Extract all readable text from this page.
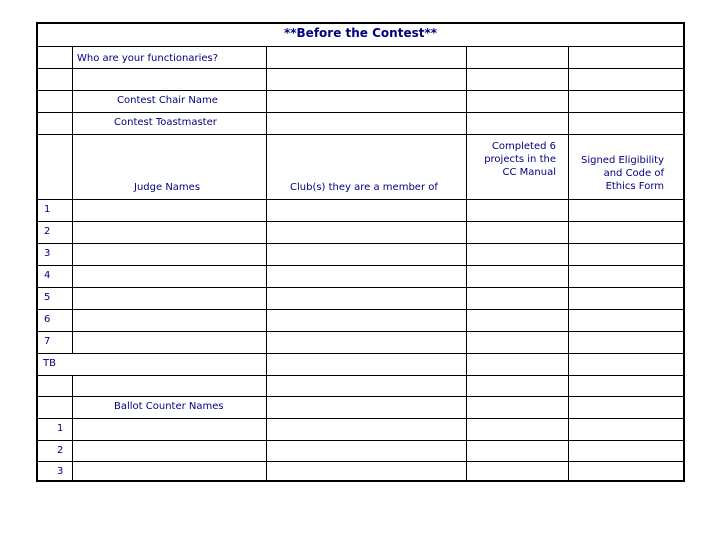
**Before the Contest**
Who are your functionaries?
Contest Chair Name
Contest Toastmaster
Judge Names	Club(s) they are a member of
Completed 6 projects in the CC Manual
Signed Eligibility and Code of Ethics Form
1
2
3
4
5
6
7
TB
Ballot Counter Names
1
2
3
